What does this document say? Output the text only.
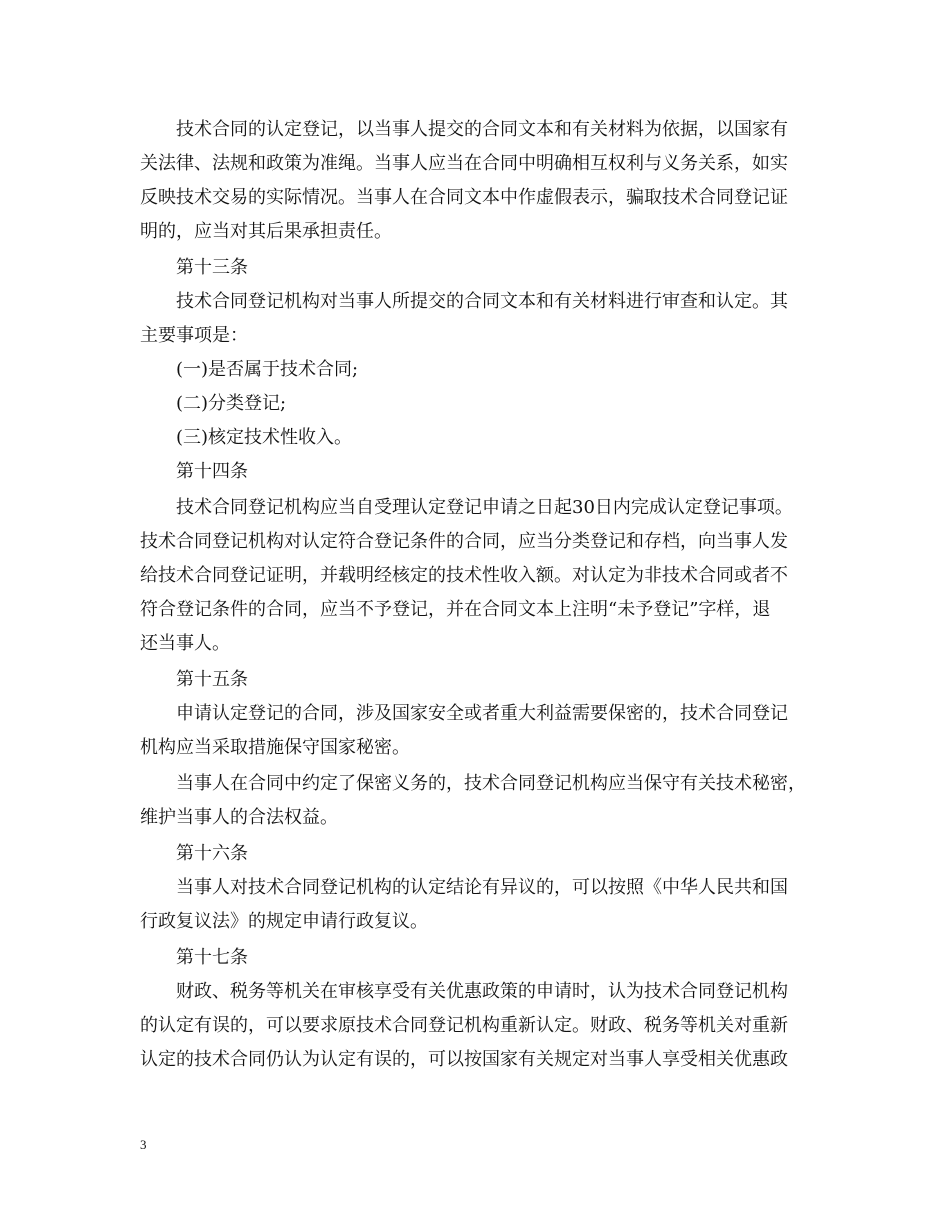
技术合同的认定登记，以当事人提交的合同文本和有关材料为依据，以国家有
关法律、法规和政策为准绳。当事人应当在合同中明确相互权利与义务关系，如实
反映技术交易的实际情况。当事人在合同文本中作虚假表示，骗取技术合同登记证
明的，应当对其后果承担责任。
第十三条
技术合同登记机构对当事人所提交的合同文本和有关材料进行审查和认定。其
主要事项是：
(一)是否属于技术合同;
(二)分类登记;
(三)核定技术性收入。
第十四条
技术合同登记机构应当自受理认定登记申请之日起30日内完成认定登记事项。
技术合同登记机构对认定符合登记条件的合同，应当分类登记和存档，向当事人发
给技术合同登记证明，并载明经核定的技术性收入额。对认定为非技术合同或者不
符合登记条件的合同，应当不予登记，并在合同文本上注明“未予登记”字样，退
还当事人。
第十五条
申请认定登记的合同，涉及国家安全或者重大利益需要保密的，技术合同登记
机构应当采取措施保守国家秘密。
当事人在合同中约定了保密义务的，技术合同登记机构应当保守有关技术秘密，
维护当事人的合法权益。
第十六条
当事人对技术合同登记机构的认定结论有异议的，可以按照《中华人民共和国
行政复议法》的规定申请行政复议。
第十七条
财政、税务等机关在审核享受有关优惠政策的申请时，认为技术合同登记机构
的认定有误的，可以要求原技术合同登记机构重新认定。财政、税务等机关对重新
认定的技术合同仍认为认定有误的，可以按国家有关规定对当事人享受相关优惠政
3
